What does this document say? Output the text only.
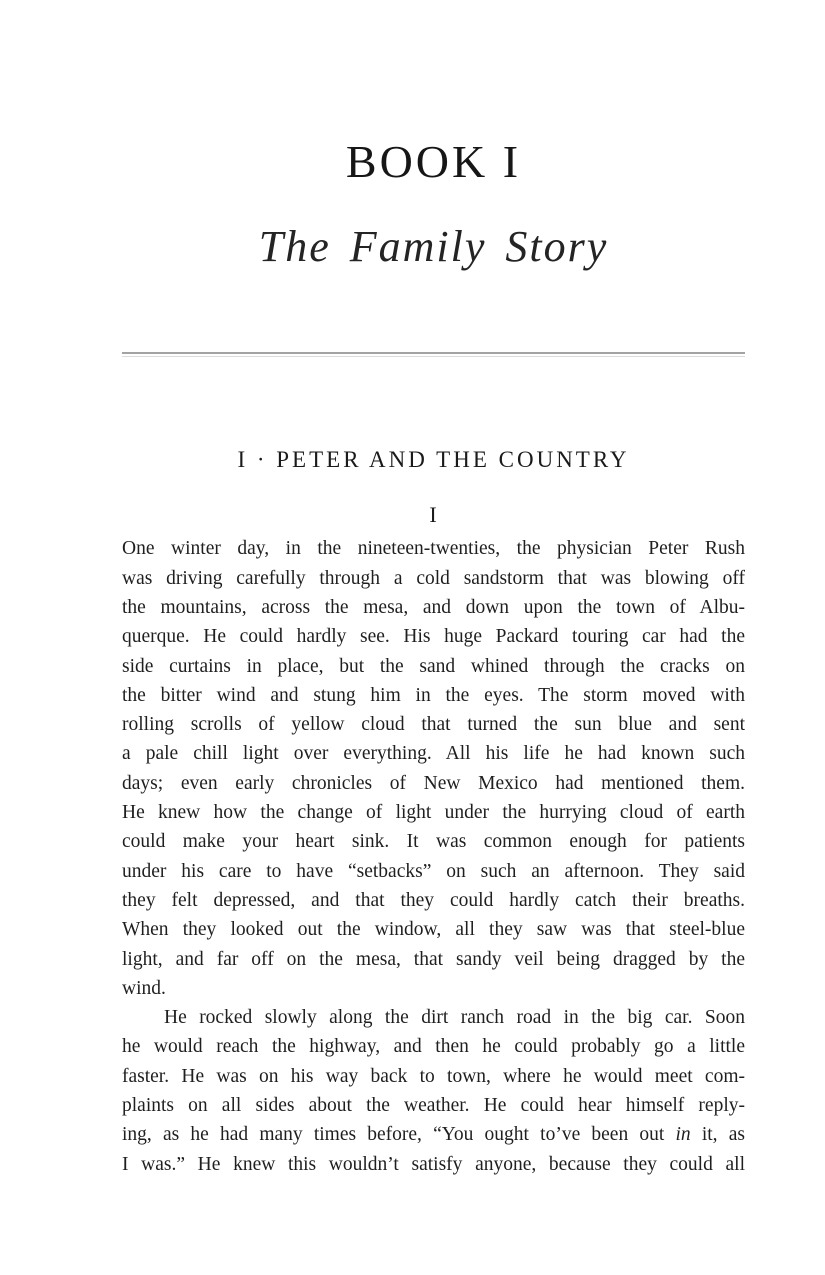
BOOK I
The Family Story
I · PETER AND THE COUNTRY
I
One winter day, in the nineteen-twenties, the physician Peter Rush
was driving carefully through a cold sandstorm that was blowing off
the mountains, across the mesa, and down upon the town of Albu-
querque. He could hardly see. His huge Packard touring car had the
side curtains in place, but the sand whined through the cracks on
the bitter wind and stung him in the eyes. The storm moved with
rolling scrolls of yellow cloud that turned the sun blue and sent
a pale chill light over everything. All his life he had known such
days; even early chronicles of New Mexico had mentioned them.
He knew how the change of light under the hurrying cloud of earth
could make your heart sink. It was common enough for patients
under his care to have “setbacks” on such an afternoon. They said
they felt depressed, and that they could hardly catch their breaths.
When they looked out the window, all they saw was that steel-blue
light, and far off on the mesa, that sandy veil being dragged by the
wind.
He rocked slowly along the dirt ranch road in the big car. Soon
he would reach the highway, and then he could probably go a little
faster. He was on his way back to town, where he would meet com-
plaints on all sides about the weather. He could hear himself reply-
ing, as he had many times before, “You ought to’ve been out in it, as
I was.” He knew this wouldn’t satisfy anyone, because they could all
